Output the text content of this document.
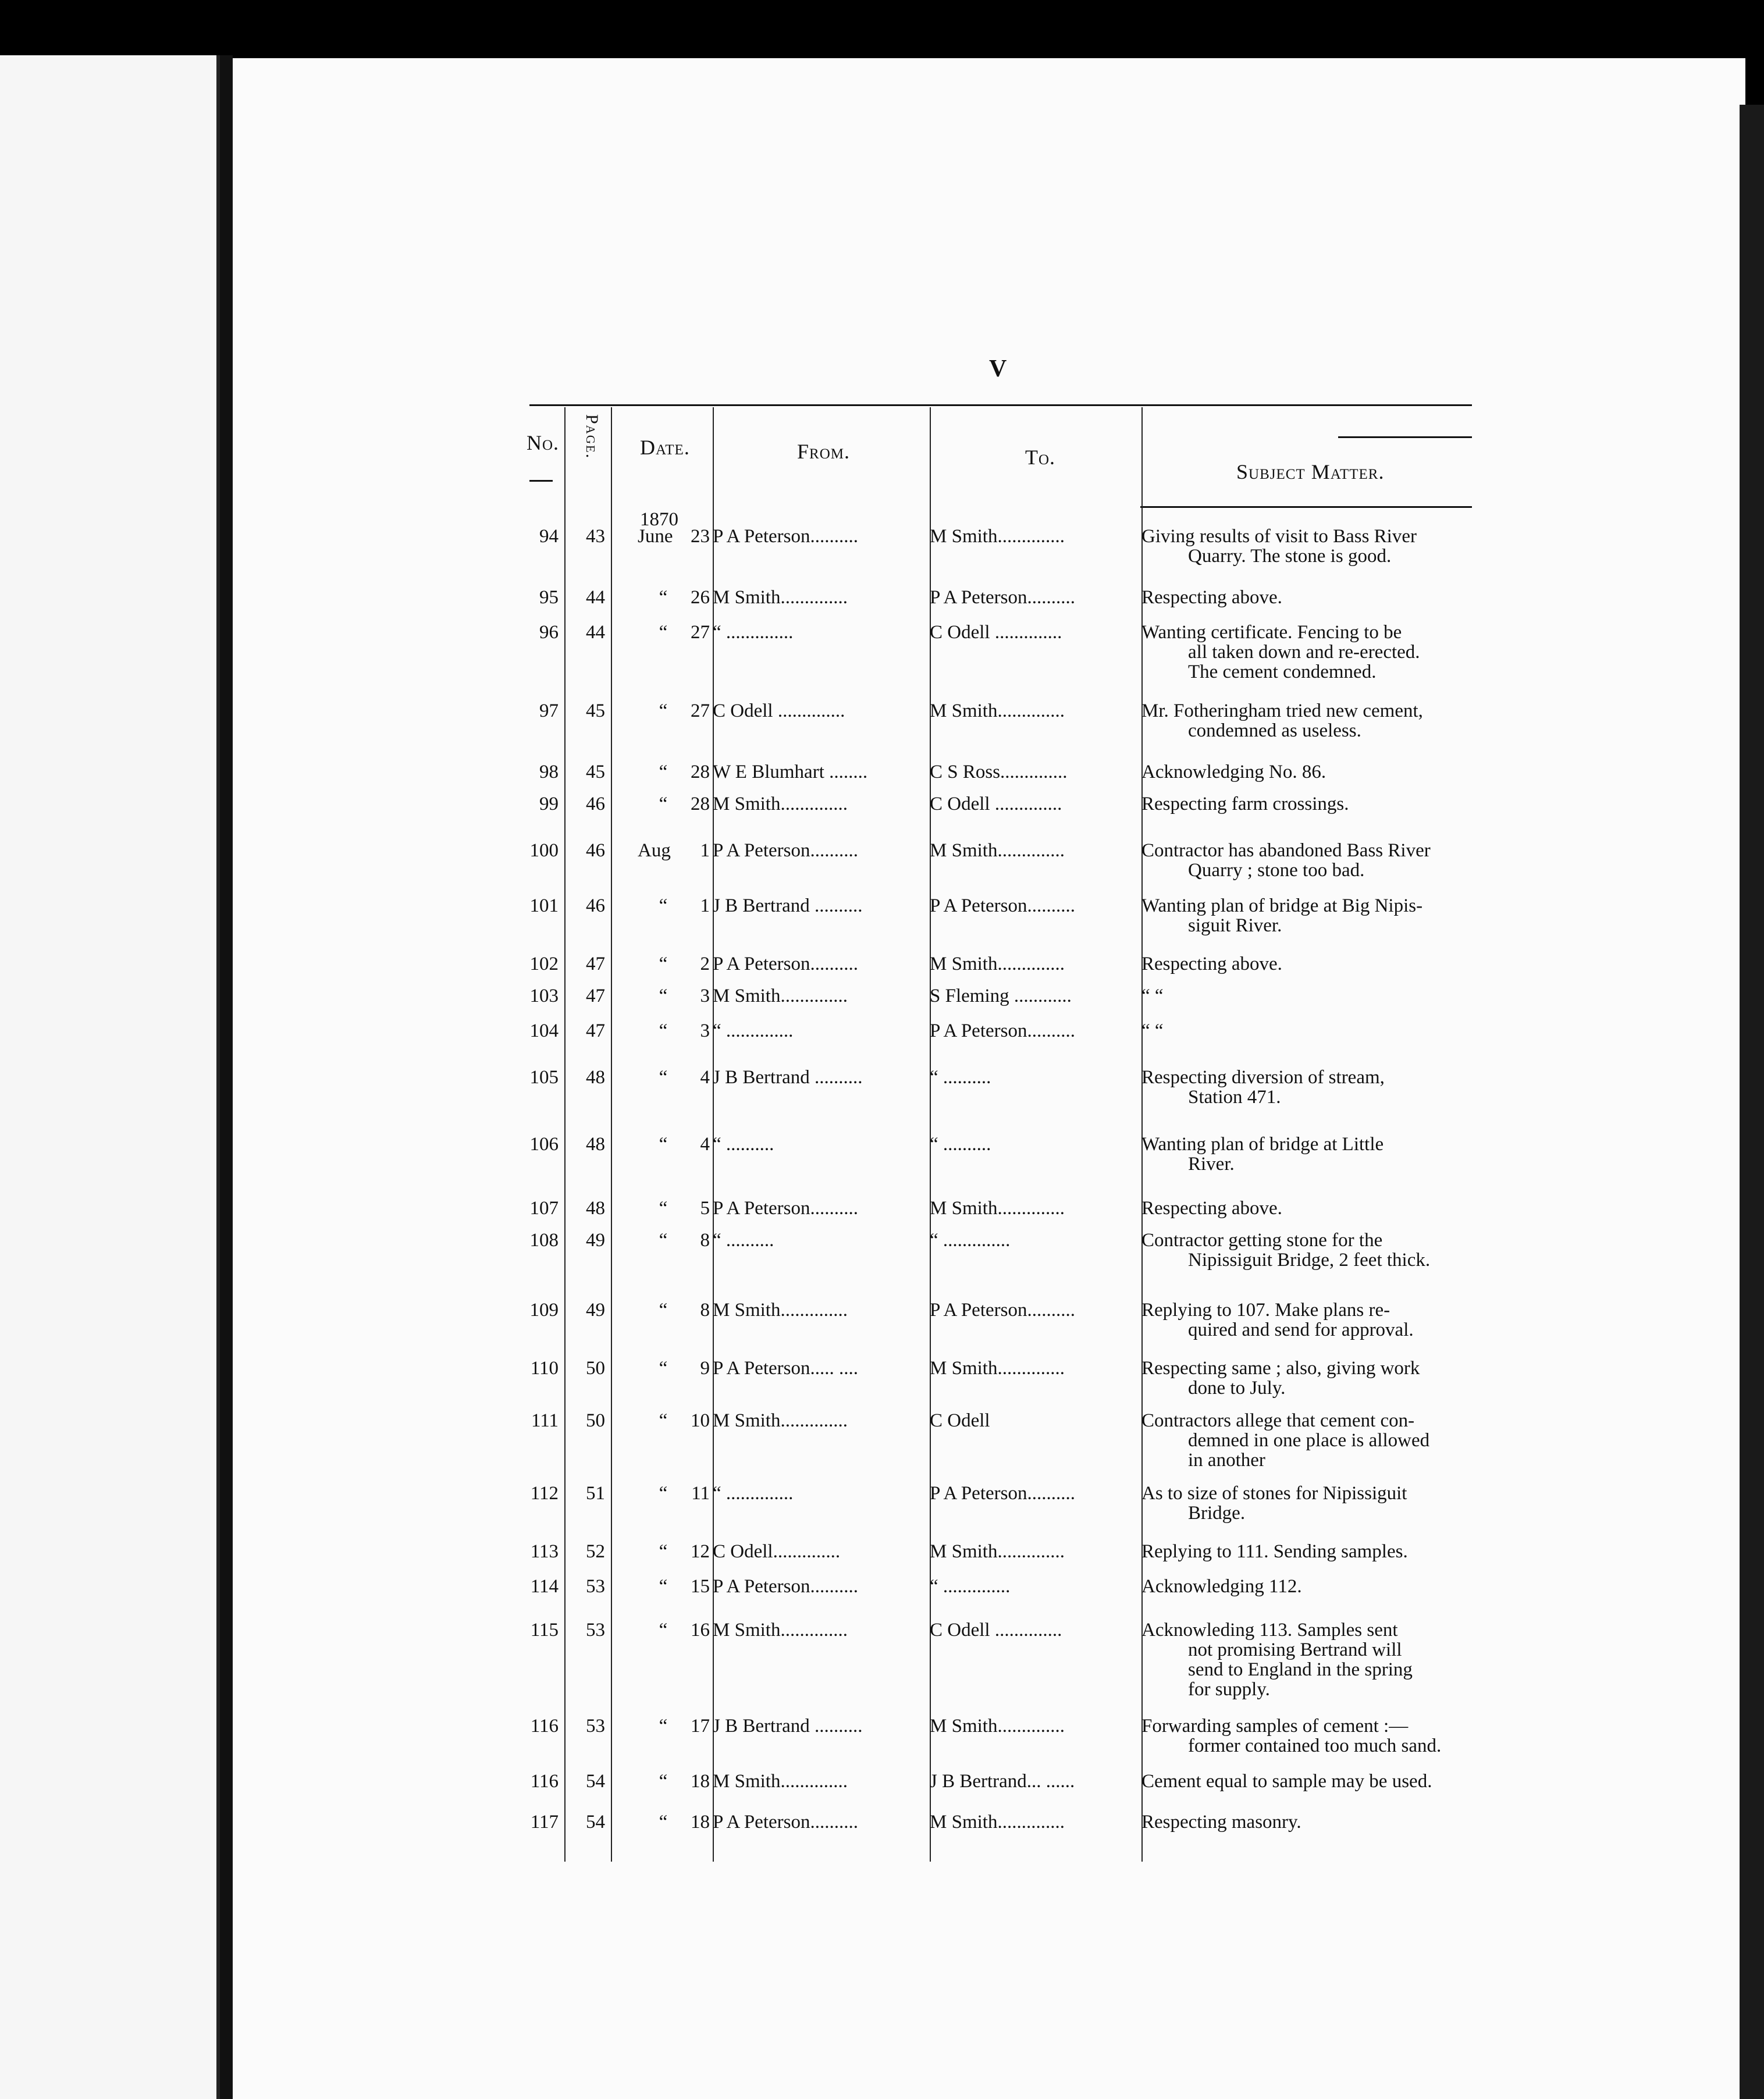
V
No. Page. Date.	From.	To.
Subject Matter.
1870
94	43 June 23 P A Peterson..........	M Smith..............	Giving results of visit to Bass River
Quarry. The stone is good.
95	44	“	26 M Smith..............	P A Peterson..........	Respecting above.
96	44	“	27 “ ..............	C Odell ..............	Wanting certificate. Fencing to be
all taken down and re-erected.
The cement condemned.
97	45	“	27 C Odell ..............	M Smith..............	Mr. Fotheringham tried new cement,
condemned as useless.
98	45	“	28 W E Blumhart ........	C S Ross..............	Acknowledging No. 86.
99	46	“	28 M Smith..............	C Odell ..............	Respecting farm crossings.
100	46 Aug	1 P A Peterson..........	M Smith..............	Contractor has abandoned Bass River
Quarry ; stone too bad.
101	46	“	1 J B Bertrand ..........	P A Peterson..........	Wanting plan of bridge at Big Nipis-
siguit River.
102	47	“	2 P A Peterson..........	M Smith..............	Respecting above.
103	47	“	3 M Smith..............	S Fleming ............	“ “
104	47	“	3 “ ..............	P A Peterson..........	“ “
105	48	“	4 J B Bertrand ..........	“ ..........	Respecting diversion of stream,
Station 471.
106	48	“	4 “ ..........	“ ..........	Wanting plan of bridge at Little
River.
107	48	“	5 P A Peterson..........	M Smith..............	Respecting above.
108	49	“	8 “ ..........	“ ..............	Contractor getting stone for the
Nipissiguit Bridge, 2 feet thick.
109	49	“	8 M Smith..............	P A Peterson..........	Replying to 107. Make plans re-
quired and send for approval.
110	50	“	9 P A Peterson..... ....	M Smith..............	Respecting same ; also, giving work
done to July.
111	50	“	10 M Smith..............	C Odell	Contractors allege that cement con-
demned in one place is allowed
in another
112	51	“	11 “ ..............	P A Peterson..........	As to size of stones for Nipissiguit
Bridge.
113	52	“	12 C Odell..............	M Smith..............	Replying to 111. Sending samples.
114	53	“	15 P A Peterson..........	“ ..............	Acknowledging 112.
115	53	“	16 M Smith..............	C Odell ..............	Acknowleding 113. Samples sent
not promising Bertrand will
send to England in the spring
for supply.
116	53	“	17 J B Bertrand ..........	M Smith..............	Forwarding samples of cement :—
former contained too much sand.
116	54	“	18 M Smith..............	J B Bertrand... ......	Cement equal to sample may be used.
117	54	“	18 P A Peterson..........	M Smith..............	Respecting masonry.
